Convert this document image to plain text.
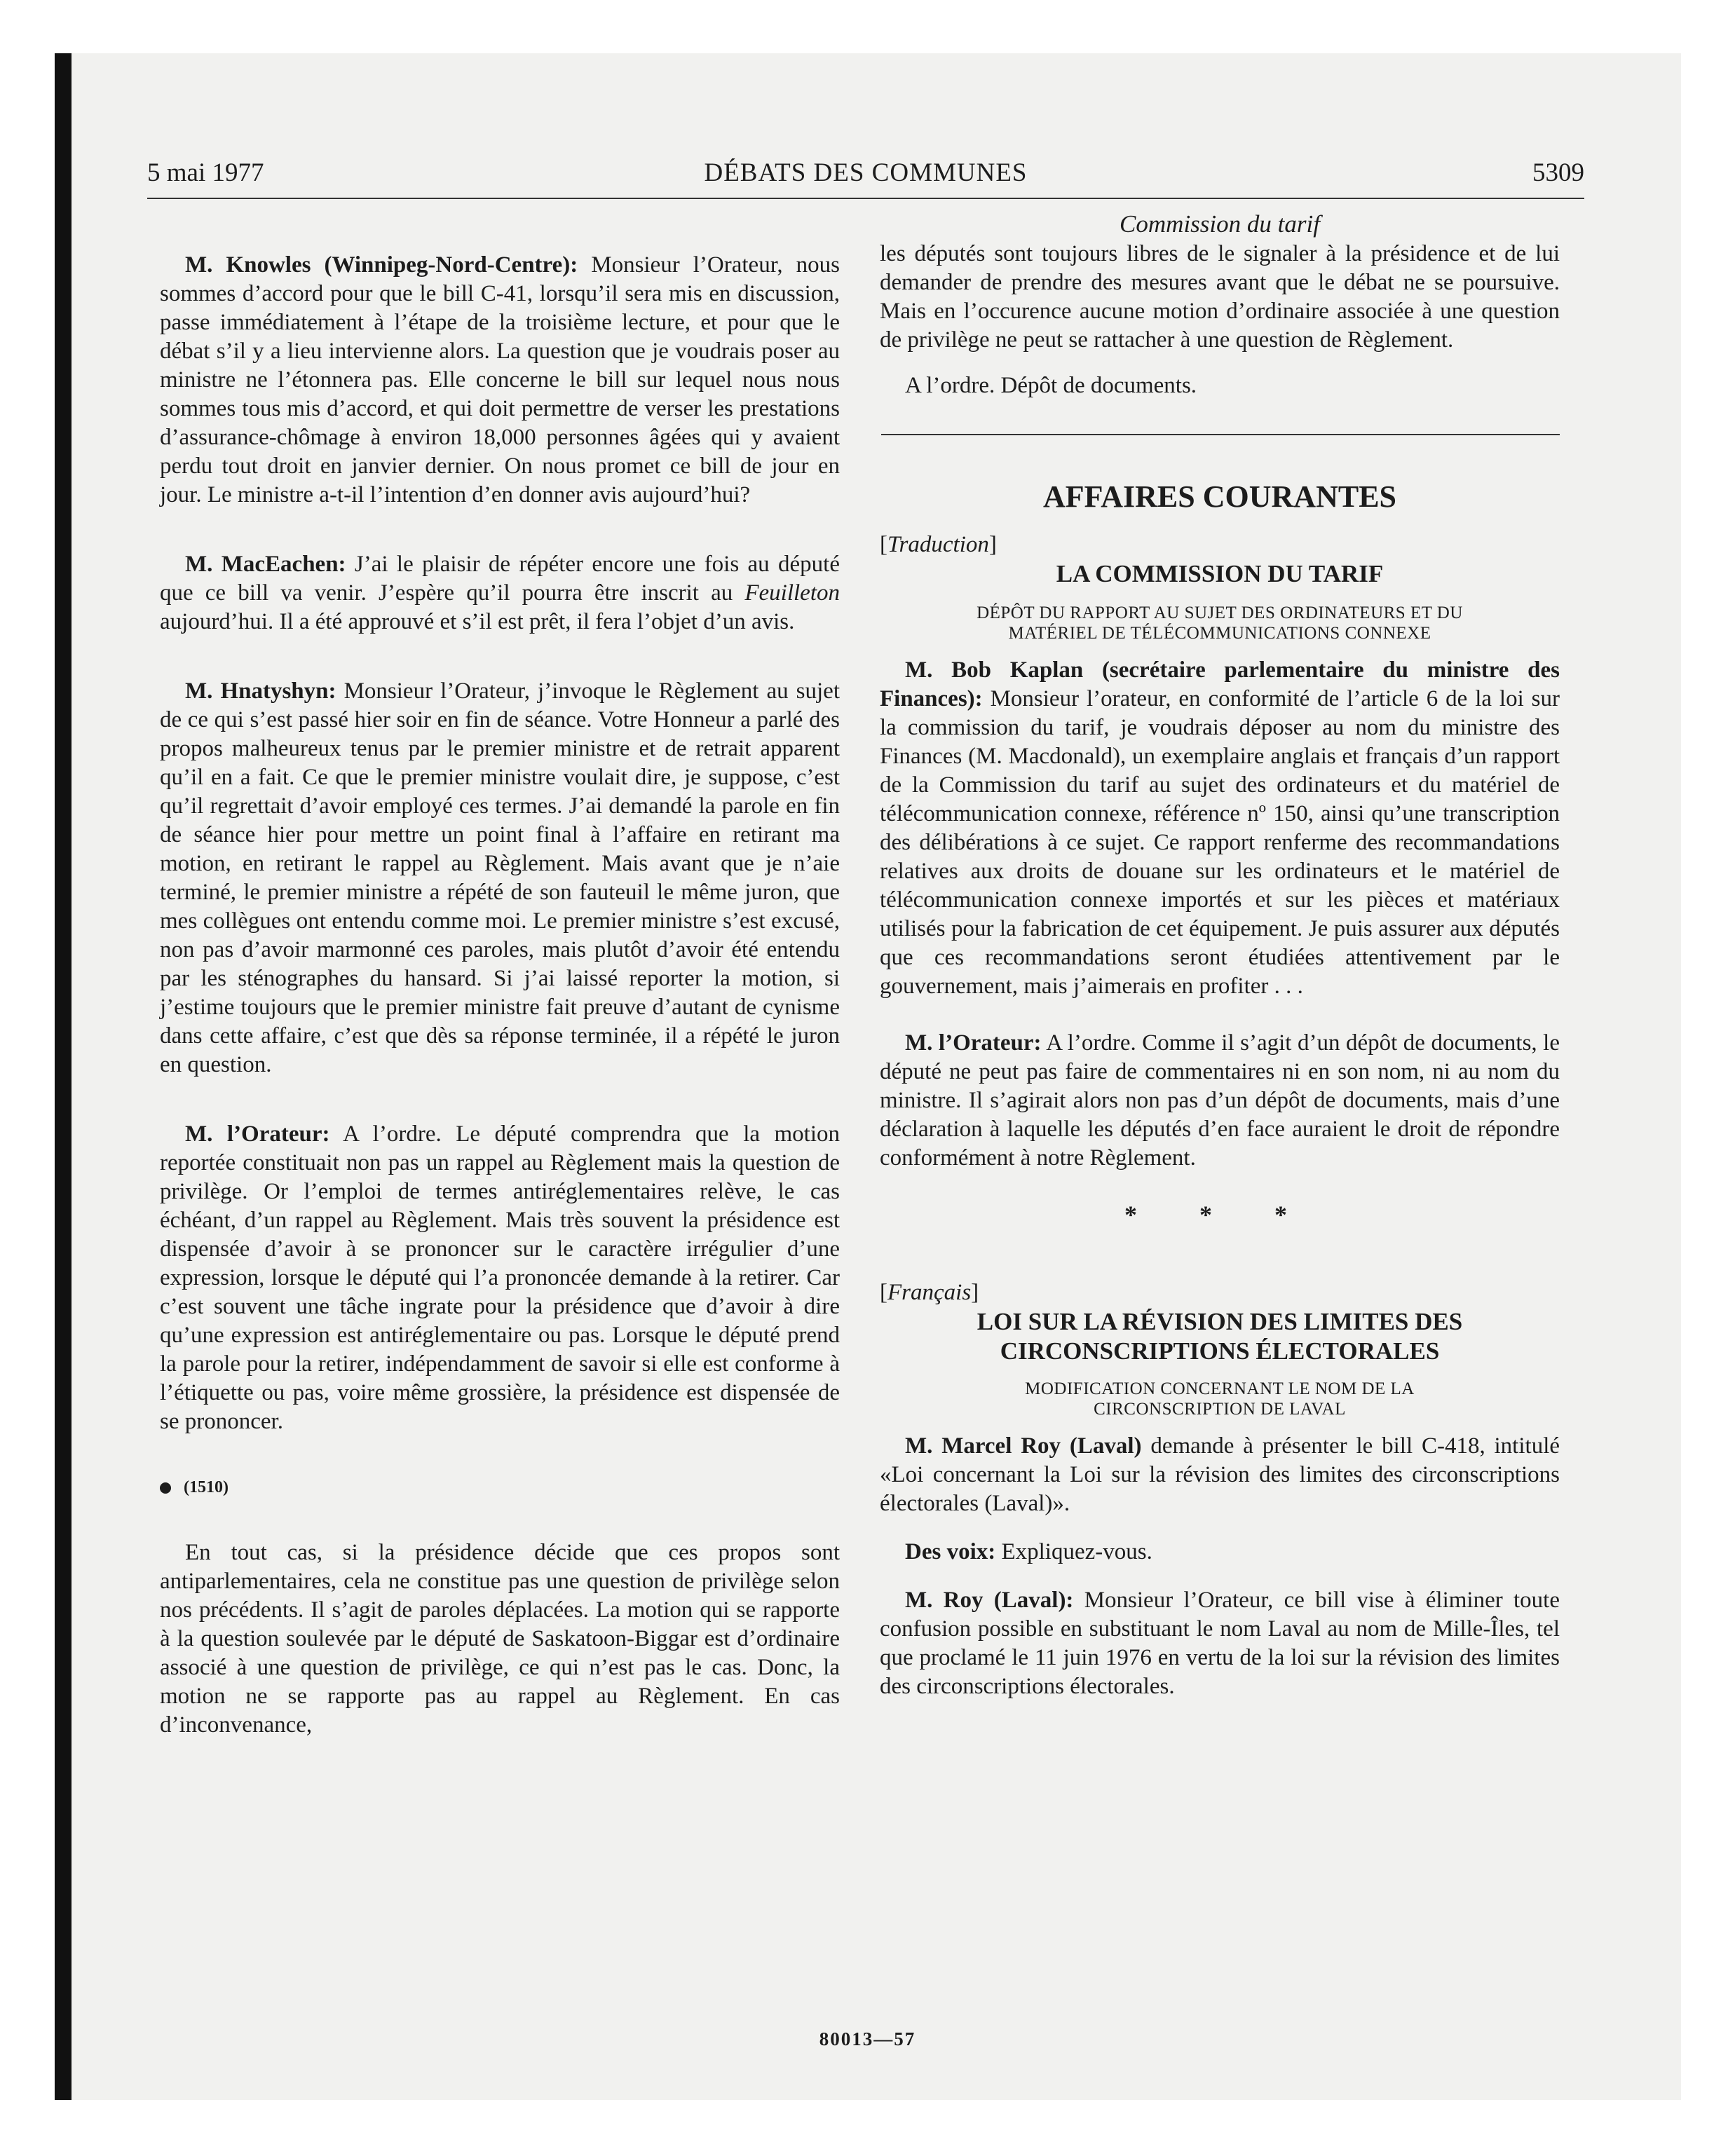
5 mai 1977	DÉBATS DES COMMUNES	5309

M. Knowles (Winnipeg-Nord-Centre): Monsieur l’Orateur, nous sommes d’accord pour que le bill C-41, lorsqu’il sera mis en discussion, passe immédiatement à l’étape de la troisième lecture, et pour que le débat s’il y a lieu intervienne alors. La question que je voudrais poser au ministre ne l’étonnera pas. Elle concerne le bill sur lequel nous nous sommes tous mis d’accord, et qui doit permettre de verser les prestations d’assurance-chômage à environ 18,000 personnes âgées qui y avaient perdu tout droit en janvier dernier. On nous promet ce bill de jour en jour. Le ministre a-t-il l’intention d’en donner avis aujourd’hui?

M. MacEachen: J’ai le plaisir de répéter encore une fois au député que ce bill va venir. J’espère qu’il pourra être inscrit au Feuilleton aujourd’hui. Il a été approuvé et s’il est prêt, il fera l’objet d’un avis.

M. Hnatyshyn: Monsieur l’Orateur, j’invoque le Règlement au sujet de ce qui s’est passé hier soir en fin de séance. Votre Honneur a parlé des propos malheureux tenus par le premier ministre et de retrait apparent qu’il en a fait. Ce que le premier ministre voulait dire, je suppose, c’est qu’il regrettait d’avoir employé ces termes. J’ai demandé la parole en fin de séance hier pour mettre un point final à l’affaire en retirant ma motion, en retirant le rappel au Règlement. Mais avant que je n’aie terminé, le premier ministre a répété de son fauteuil le même juron, que mes collègues ont entendu comme moi. Le premier ministre s’est excusé, non pas d’avoir marmonné ces paroles, mais plutôt d’avoir été entendu par les sténographes du hansard. Si j’ai laissé reporter la motion, si j’estime toujours que le premier ministre fait preuve d’autant de cynisme dans cette affaire, c’est que dès sa réponse terminée, il a répété le juron en question.

M. l’Orateur: A l’ordre. Le député comprendra que la motion reportée constituait non pas un rappel au Règlement mais la question de privilège. Or l’emploi de termes antiréglementaires relève, le cas échéant, d’un rappel au Règlement. Mais très souvent la présidence est dispensée d’avoir à se prononcer sur le caractère irrégulier d’une expression, lorsque le député qui l’a prononcée demande à la retirer. Car c’est souvent une tâche ingrate pour la présidence que d’avoir à dire qu’une expression est antiréglementaire ou pas. Lorsque le député prend la parole pour la retirer, indépendamment de savoir si elle est conforme à l’étiquette ou pas, voire même grossière, la présidence est dispensée de se prononcer.

(1510)

En tout cas, si la présidence décide que ces propos sont antiparlementaires, cela ne constitue pas une question de privilège selon nos précédents. Il s’agit de paroles déplacées. La motion qui se rapporte à la question soulevée par le député de Saskatoon-Biggar est d’ordinaire associé à une question de privilège, ce qui n’est pas le cas. Donc, la motion ne se rapporte pas au rappel au Règlement. En cas d’inconvenance,

Commission du tarif

les députés sont toujours libres de le signaler à la présidence et de lui demander de prendre des mesures avant que le débat ne se poursuive. Mais en l’occurence aucune motion d’ordinaire associée à une question de privilège ne peut se rattacher à une question de Règlement.

A l’ordre. Dépôt de documents.

AFFAIRES COURANTES

[Traduction]

LA COMMISSION DU TARIF

DÉPÔT DU RAPPORT AU SUJET DES ORDINATEURS ET DU

MATÉRIEL DE TÉLÉCOMMUNICATIONS CONNEXE

M. Bob Kaplan (secrétaire parlementaire du ministre des Finances): Monsieur l’orateur, en conformité de l’article 6 de la loi sur la commission du tarif, je voudrais déposer au nom du ministre des Finances (M. Macdonald), un exemplaire anglais et français d’un rapport de la Commission du tarif au sujet des ordinateurs et du matériel de télécommunication connexe, référence nº 150, ainsi qu’une transcription des délibérations à ce sujet. Ce rapport renferme des recommandations relatives aux droits de douane sur les ordinateurs et le matériel de télécommunication connexe importés et sur les pièces et matériaux utilisés pour la fabrication de cet équipement. Je puis assurer aux députés que ces recommandations seront étudiées attentivement par le gouvernement, mais j’aimerais en profiter . . .

M. l’Orateur: A l’ordre. Comme il s’agit d’un dépôt de documents, le député ne peut pas faire de commentaires ni en son nom, ni au nom du ministre. Il s’agirait alors non pas d’un dépôt de documents, mais d’une déclaration à laquelle les députés d’en face auraient le droit de répondre conformément à notre Règlement.

* * *

[Français]

LOI SUR LA RÉVISION DES LIMITES DES

CIRCONSCRIPTIONS ÉLECTORALES

MODIFICATION CONCERNANT LE NOM DE LA

CIRCONSCRIPTION DE LAVAL

M. Marcel Roy (Laval) demande à présenter le bill C-418, intitulé «Loi concernant la Loi sur la révision des limites des circonscriptions électorales (Laval)».

Des voix: Expliquez-vous.

M. Roy (Laval): Monsieur l’Orateur, ce bill vise à éliminer toute confusion possible en substituant le nom Laval au nom de Mille-Îles, tel que proclamé le 11 juin 1976 en vertu de la loi sur la révision des limites des circonscriptions électorales.

80013—57
